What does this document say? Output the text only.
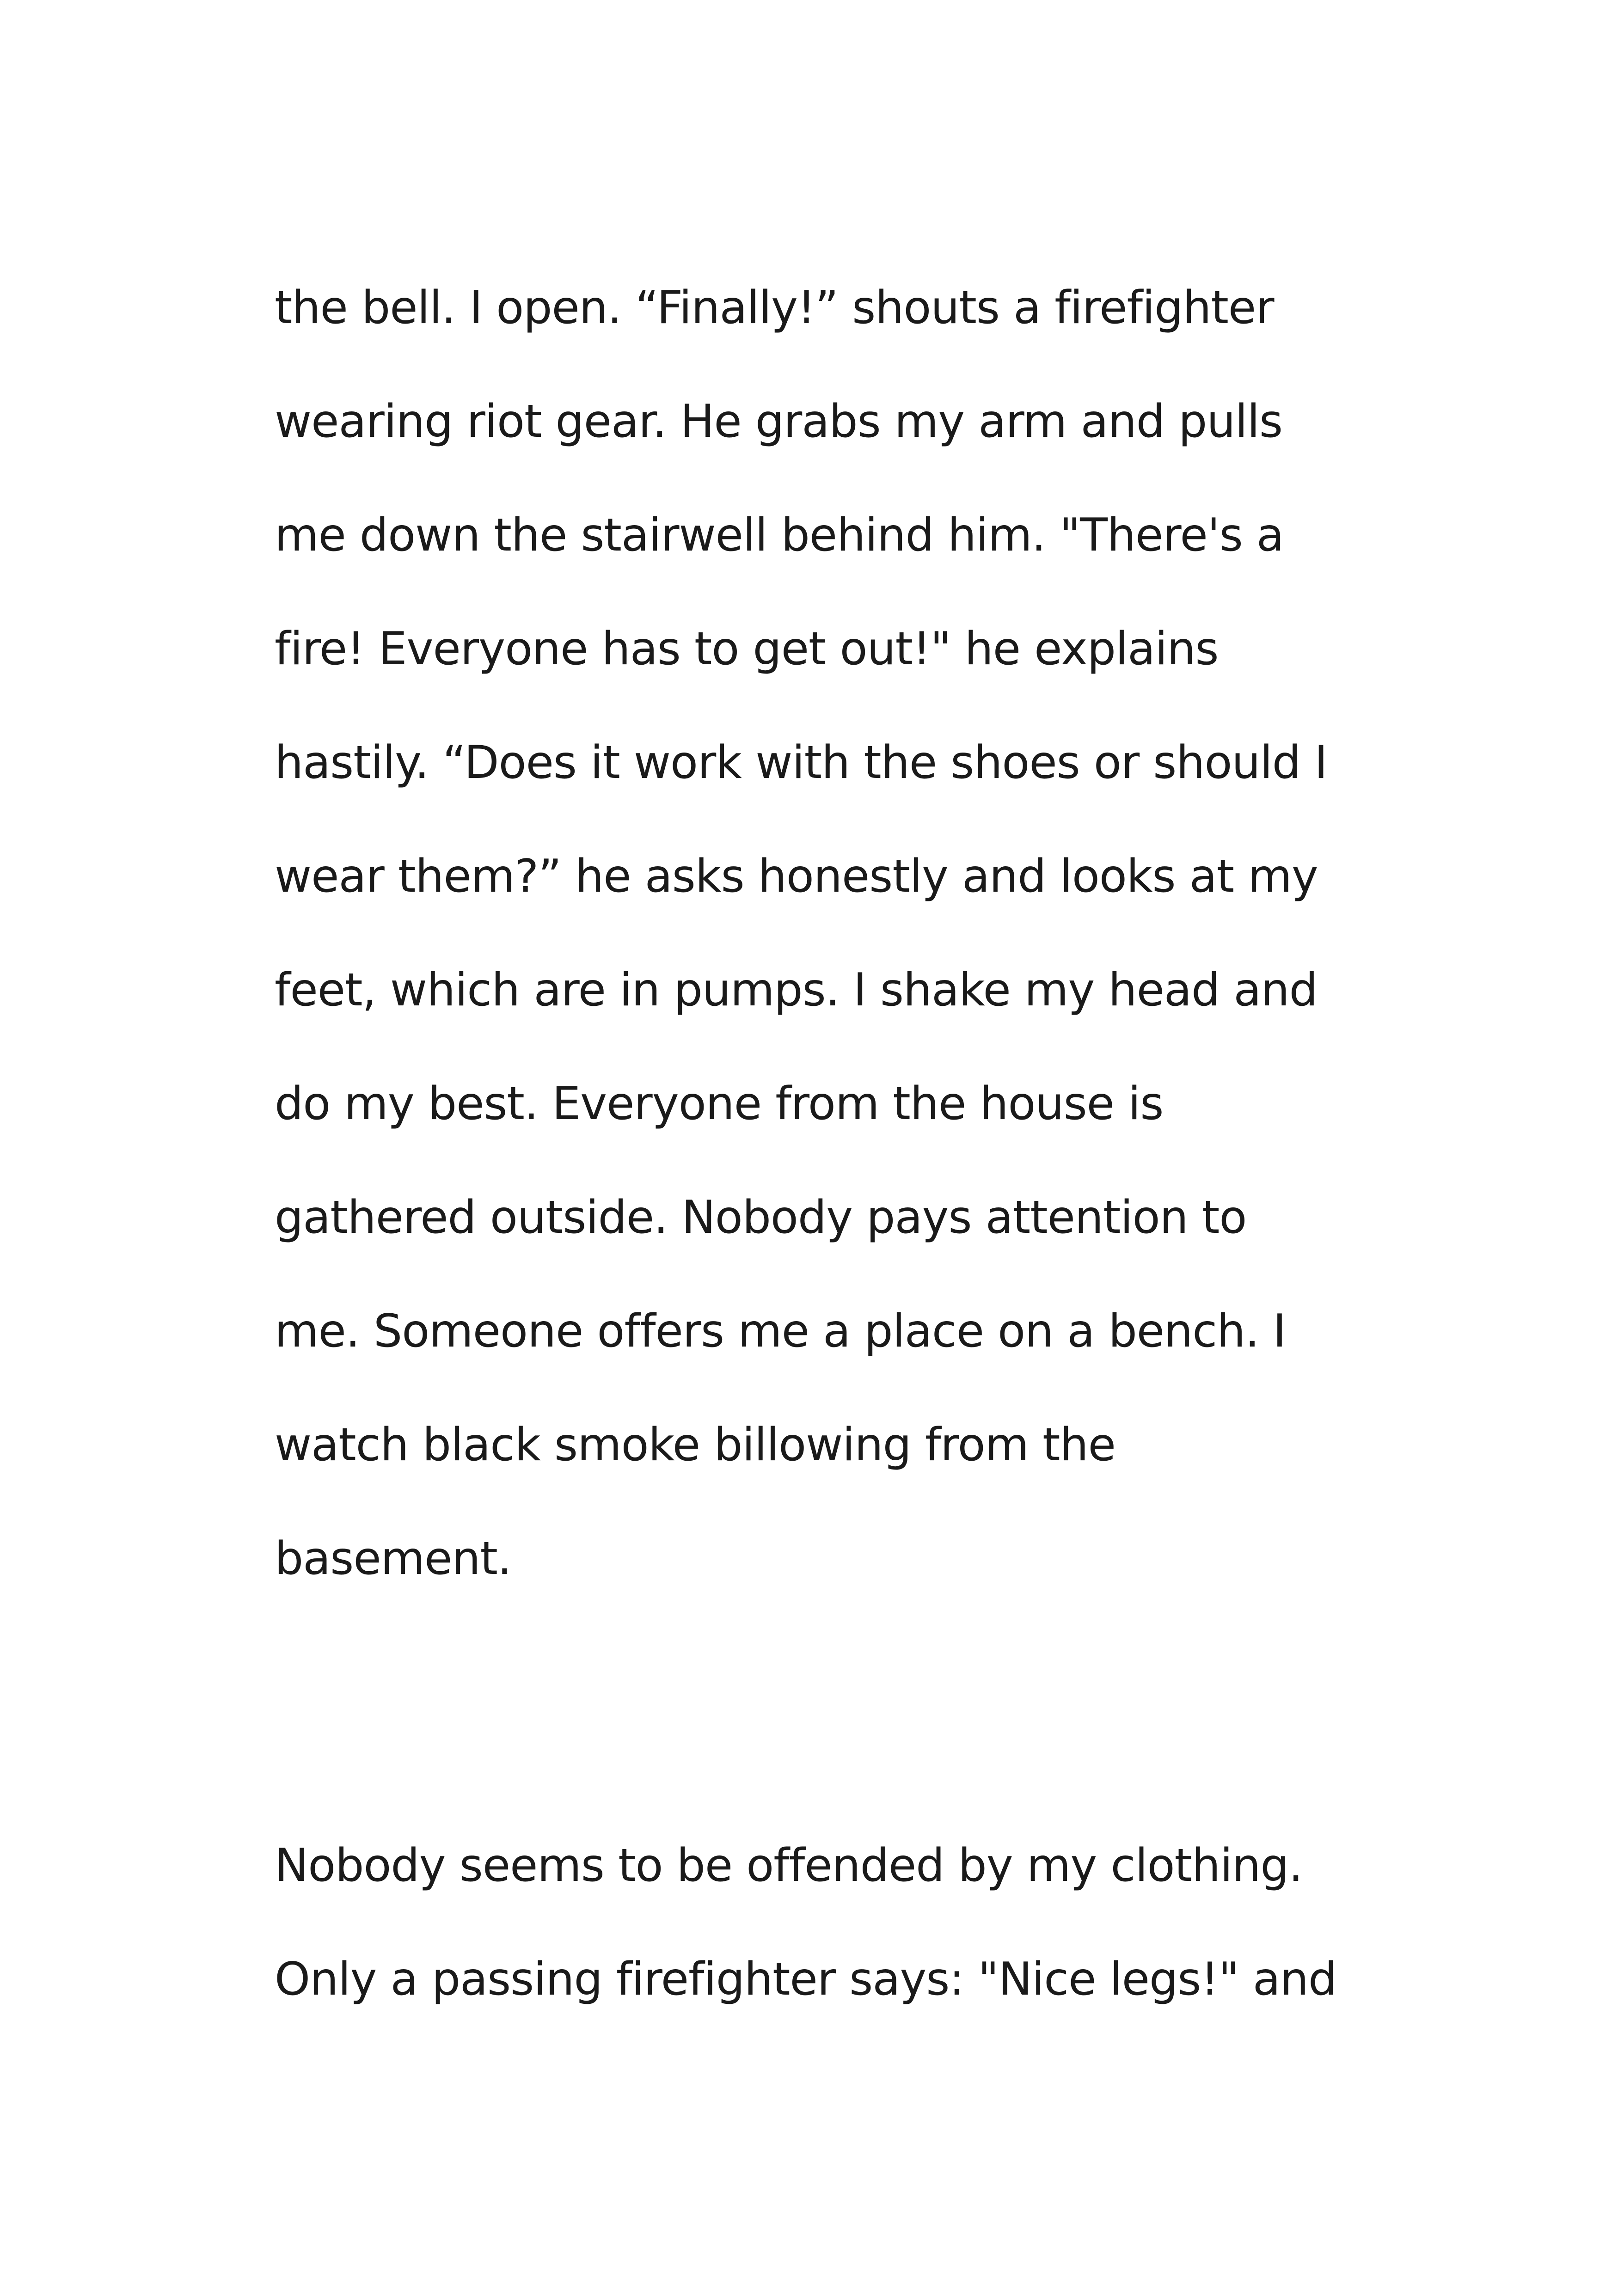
the bell. I open. “Finally!” shouts a firefighter
wearing riot gear. He grabs my arm and pulls
me down the stairwell behind him. "There's a
fire! Everyone has to get out!" he explains
hastily. “Does it work with the shoes or should I
wear them?” he asks honestly and looks at my
feet, which are in pumps. I shake my head and
do my best. Everyone from the house is
gathered outside. Nobody pays attention to
me. Someone offers me a place on a bench. I
watch black smoke billowing from the
basement.
Nobody seems to be offended by my clothing.
Only a passing firefighter says: "Nice legs!" and
